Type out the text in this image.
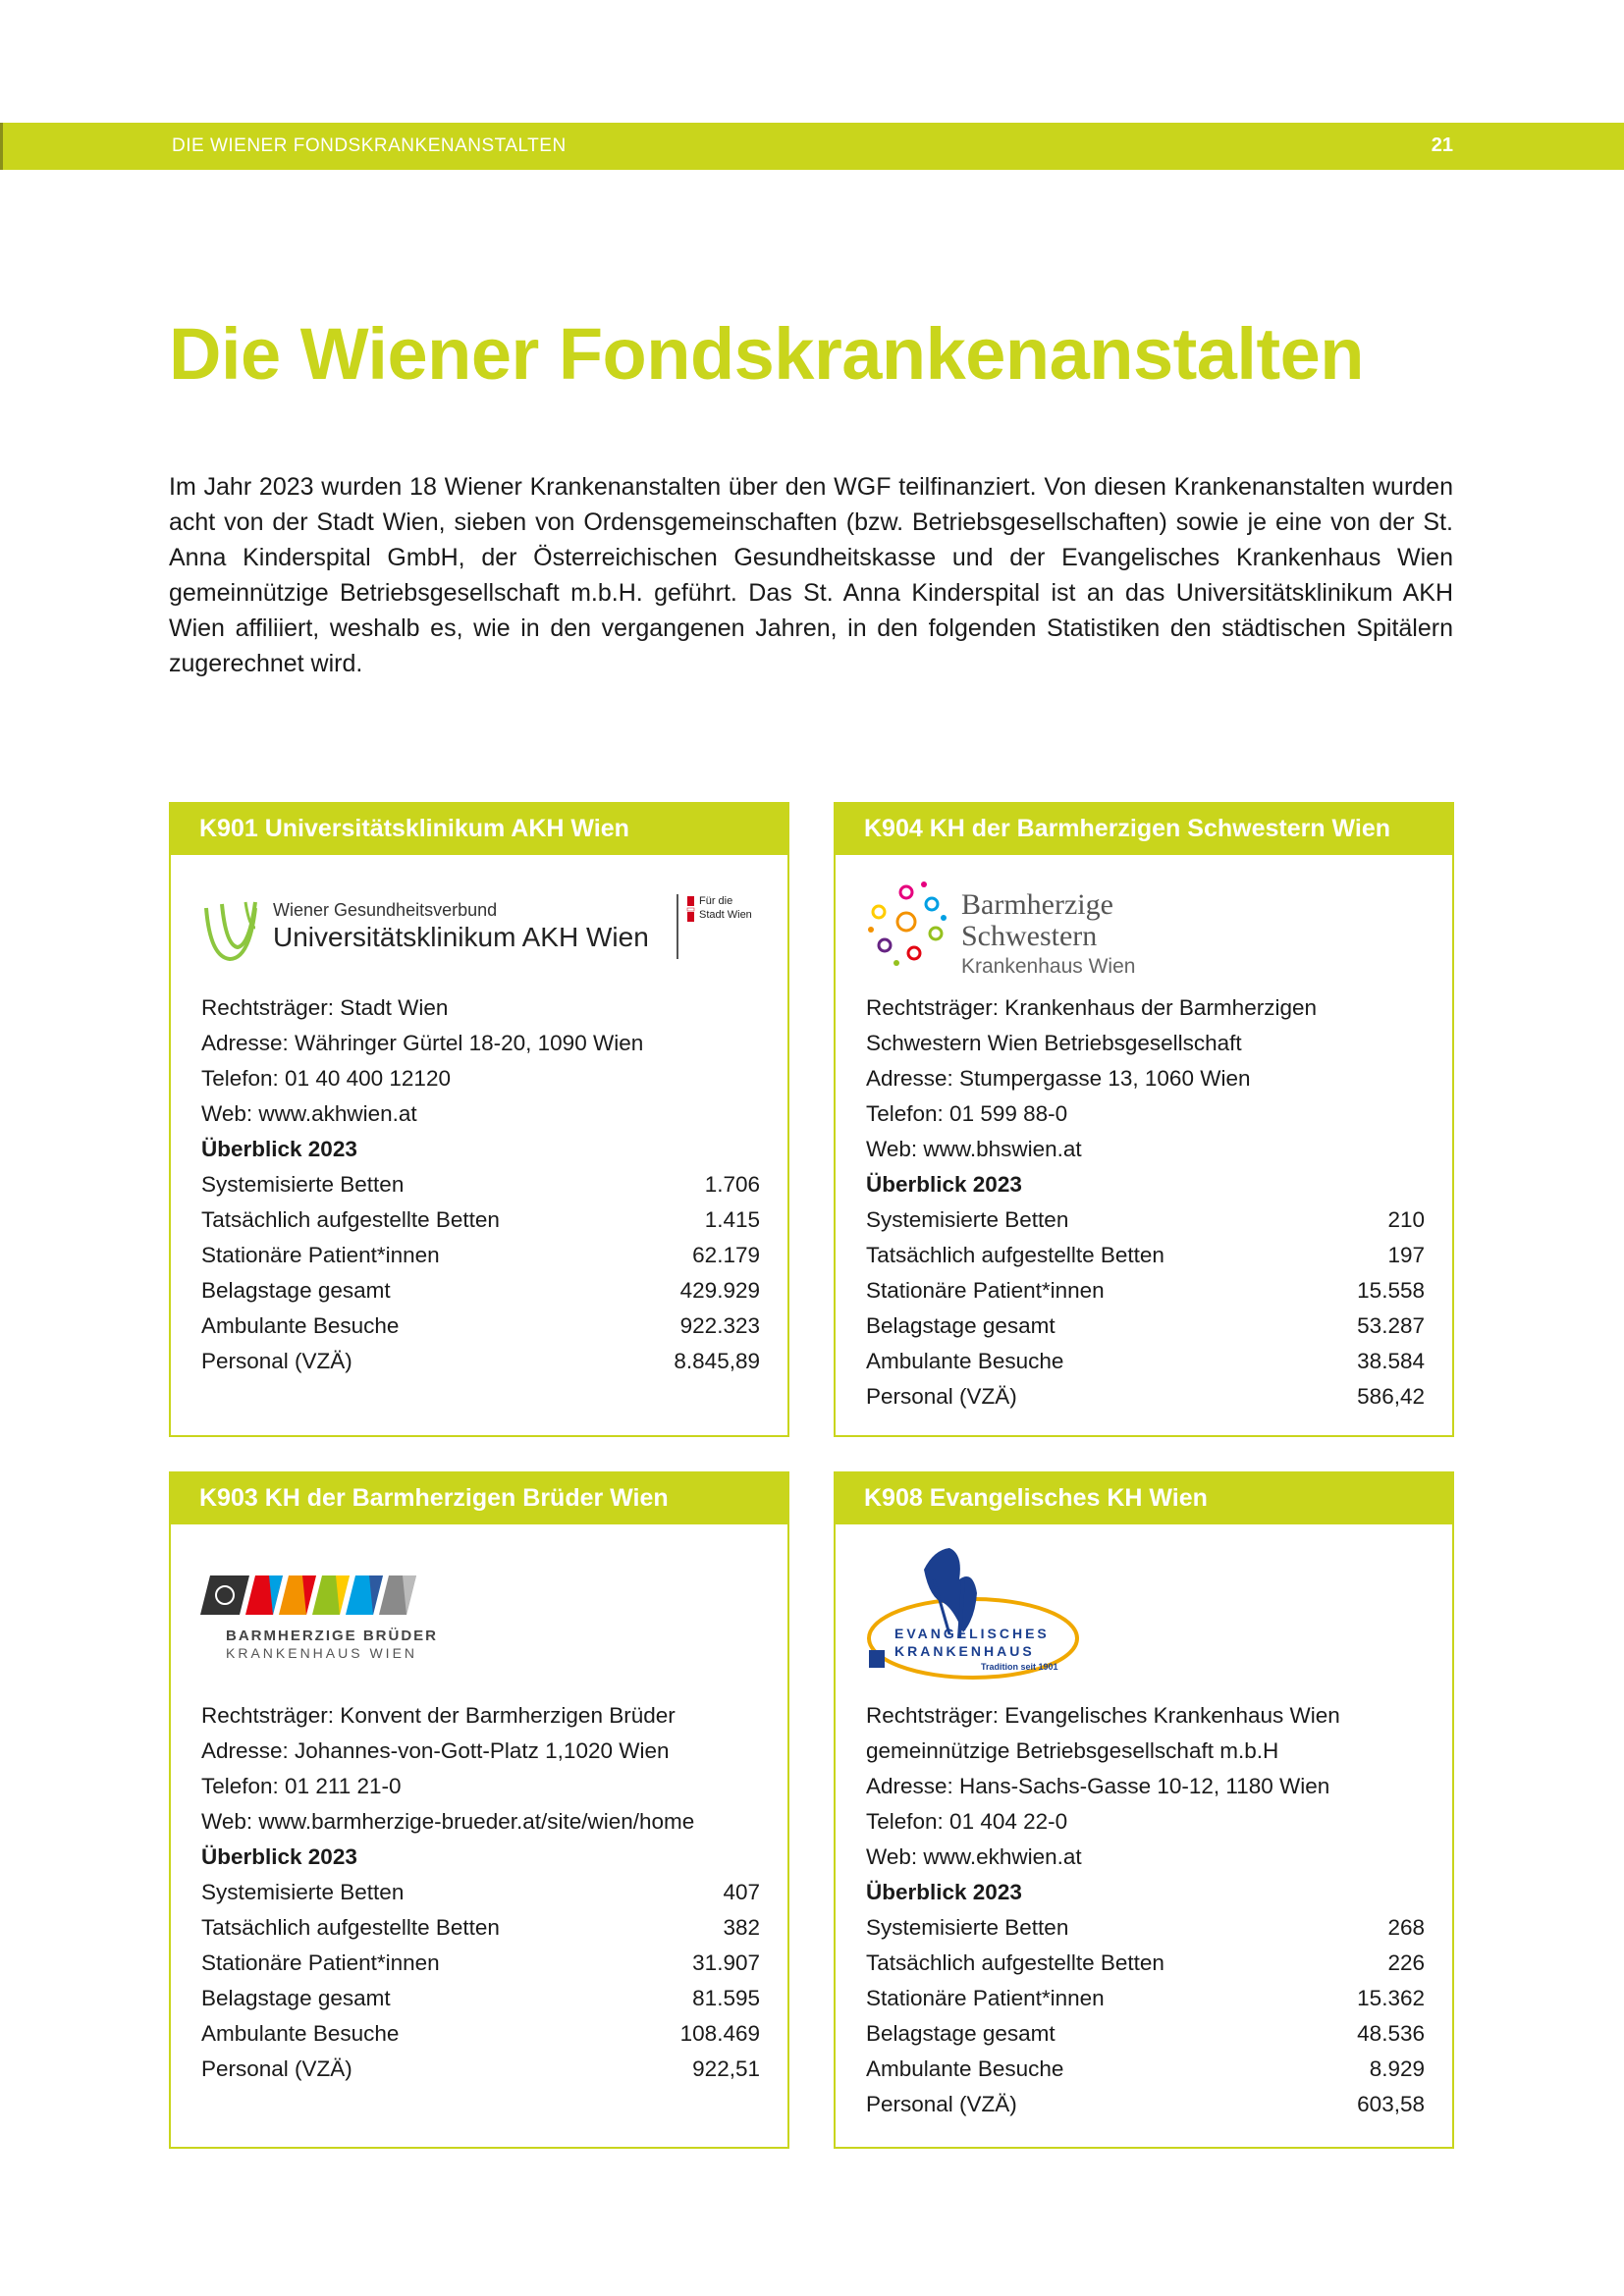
DIE WIENER FONDSKRANKENANSTALTEN	21
Die Wiener Fondskrankenanstalten

Im Jahr 2023 wurden 18 Wiener Krankenanstalten über den WGF teilfinanziert. Von diesen Krankenanstalten wurden acht von der Stadt Wien, sieben von Ordensgemeinschaften (bzw. Betriebsgesellschaften) sowie je eine von der St. Anna Kinderspital GmbH, der Österreichischen Gesundheitskasse und der Evangelisches Krankenhaus Wien gemeinnützige Betriebsgesellschaft m.b.H. geführt. Das St. Anna Kinderspital ist an das Universitätsklinikum AKH Wien affiliiert, weshalb es, wie in den vergangenen Jahren, in den folgenden Statistiken den städtischen Spitälern zugerechnet wird.

K901 Universitätsklinikum AKH Wien
Wiener Gesundheitsverbund
Universitätsklinikum AKH Wien
Für die
Stadt Wien
Rechtsträger: Stadt Wien
Adresse: Währinger Gürtel 18-20, 1090 Wien
Telefon: 01 40 400 12120
Web: www.akhwien.at
Überblick 2023
Systemisierte Betten	1.706
Tatsächlich aufgestellte Betten	1.415
Stationäre Patient*innen	62.179
Belagstage gesamt	429.929
Ambulante Besuche	922.323
Personal (VZÄ)	8.845,89
K904 KH der Barmherzigen Schwestern Wien
Barmherzige
Schwestern
Krankenhaus Wien
Rechtsträger: Krankenhaus der Barmherzigen
Schwestern Wien Betriebsgesellschaft
Adresse: Stumpergasse 13, 1060 Wien
Telefon: 01 599 88-0
Web: www.bhswien.at
Überblick 2023
Systemisierte Betten	210
Tatsächlich aufgestellte Betten	197
Stationäre Patient*innen	15.558
Belagstage gesamt	53.287
Ambulante Besuche	38.584
Personal (VZÄ)	586,42
K903 KH der Barmherzigen Brüder Wien
BARMHERZIGE BRÜDER
KRANKENHAUS WIEN
Rechtsträger: Konvent der Barmherzigen Brüder
Adresse: Johannes-von-Gott-Platz 1,1020 Wien
Telefon: 01 211 21-0
Web: www.barmherzige-brueder.at/site/wien/home
Überblick 2023
Systemisierte Betten	407
Tatsächlich aufgestellte Betten	382
Stationäre Patient*innen	31.907
Belagstage gesamt	81.595
Ambulante Besuche	108.469
Personal (VZÄ)	922,51
K908 Evangelisches KH Wien
EVANGELISCHES
KRANKENHAUS
Tradition seit 1901
Rechtsträger: Evangelisches Krankenhaus Wien
gemeinnützige Betriebsgesellschaft m.b.H
Adresse: Hans-Sachs-Gasse 10-12, 1180 Wien
Telefon: 01 404 22-0
Web: www.ekhwien.at
Überblick 2023
Systemisierte Betten	268
Tatsächlich aufgestellte Betten	226
Stationäre Patient*innen	15.362
Belagstage gesamt	48.536
Ambulante Besuche	8.929
Personal (VZÄ)	603,58
